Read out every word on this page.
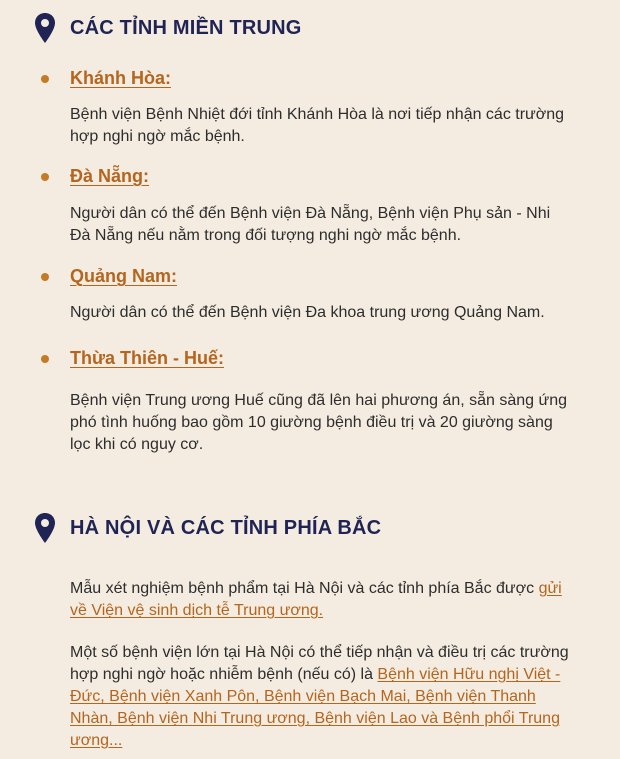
CÁC TỈNH MIỀN TRUNG
Khánh Hòa:
Bệnh viện Bệnh Nhiệt đới tỉnh Khánh Hòa là nơi tiếp nhận các trường hợp nghi ngờ mắc bệnh.
Đà Nẵng:
Người dân có thể đến Bệnh viện Đà Nẵng, Bệnh viện Phụ sản - Nhi Đà Nẵng nếu nằm trong đối tượng nghi ngờ mắc bệnh.
Quảng Nam:
Người dân có thể đến Bệnh viện Đa khoa trung ương Quảng Nam.
Thừa Thiên - Huế:
Bệnh viện Trung ương Huế cũng đã lên hai phương án, sẵn sàng ứng phó tình huống bao gồm 10 giường bệnh điều trị và 20 giường sàng lọc khi có nguy cơ.
HÀ NỘI VÀ CÁC TỈNH PHÍA BẮC
Mẫu xét nghiệm bệnh phẩm tại Hà Nội và các tỉnh phía Bắc được gửi về Viện vệ sinh dịch tễ Trung ương.
Một số bệnh viện lớn tại Hà Nội có thể tiếp nhận và điều trị các trường hợp nghi ngờ hoặc nhiễm bệnh (nếu có) là Bệnh viện Hữu nghị Việt - Đức, Bệnh viện Xanh Pôn, Bệnh viện Bạch Mai, Bệnh viện Thanh Nhàn, Bệnh viện Nhi Trung ương, Bệnh viện Lao và Bệnh phổi Trung ương...
